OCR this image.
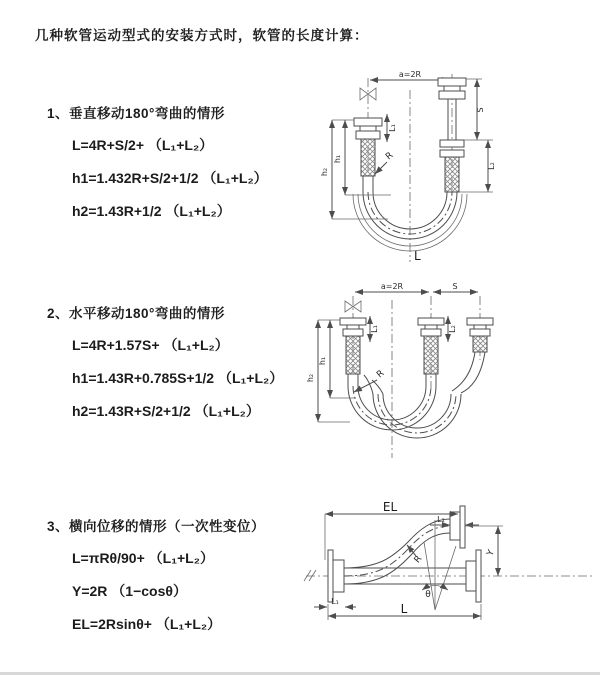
几种软管运动型式的安装方式时，软管的长度计算：
1、垂直移动180°弯曲的情形
L=4R+S/2+ （L₁+L₂）
h1=1.432R+S/2+1/2 （L₁+L₂）
h2=1.43R+1/2 （L₁+L₂）
2、水平移动180°弯曲的情形
L=4R+1.57S+ （L₁+L₂）
h1=1.43R+0.785S+1/2 （L₁+L₂）
h2=1.43R+S/2+1/2 （L₁+L₂）
3、横向位移的情形（一次性变位）
L=πRθ/90+ （L₁+L₂）
Y=2R （1−cosθ）
EL=2Rsinθ+ （L₁+L₂）
a=2R
h₁
h₂
L₁
S
L₂
R
L
a=2R	S
h₁
h₂
L₁	L₂
R
EL
L₂
Y
θ
R
L
L₁
